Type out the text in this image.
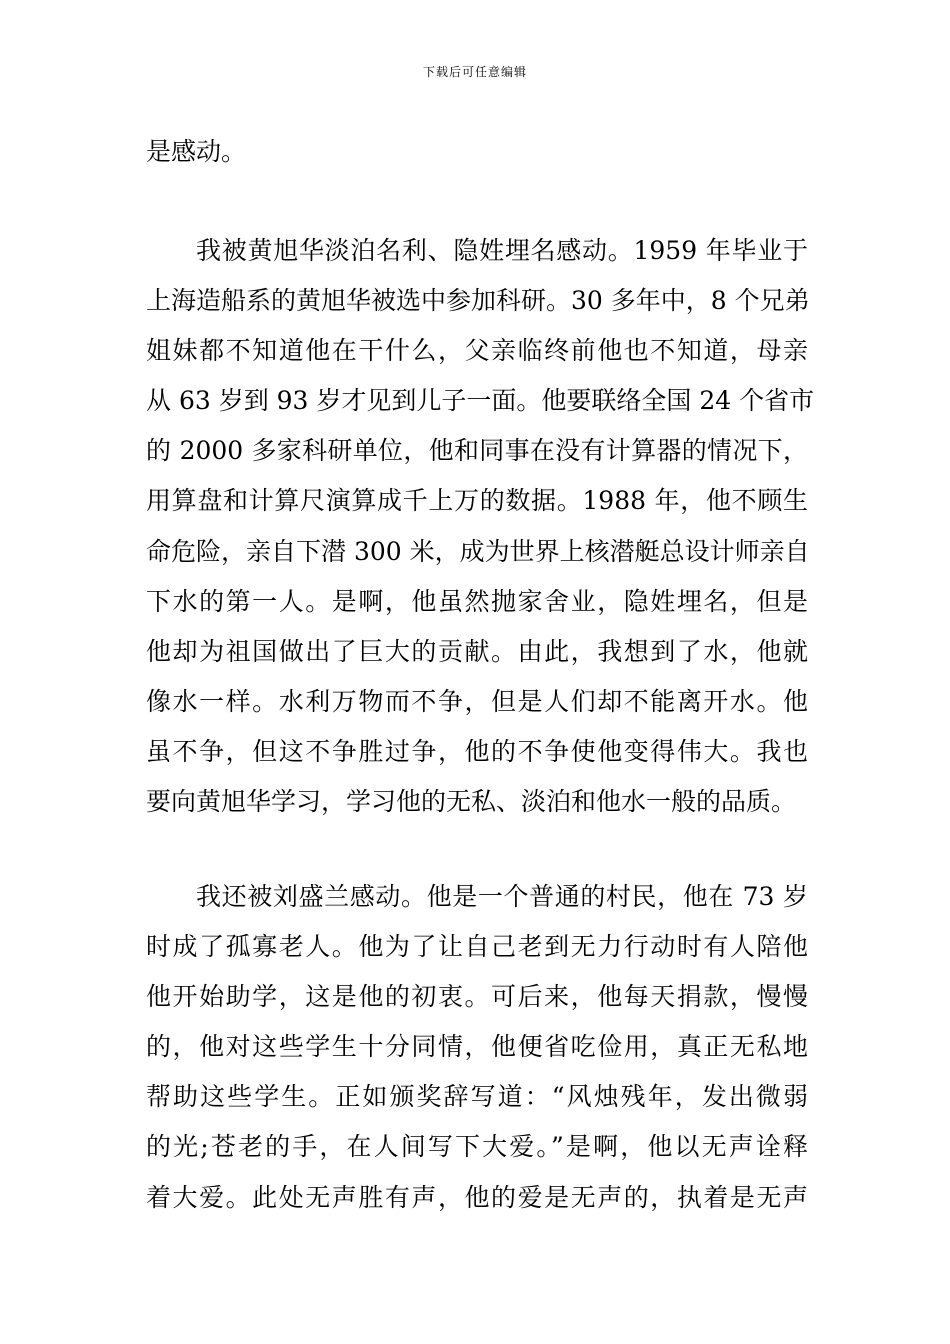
下载后可任意编辑
是感动。
我被黄旭华淡泊名利、隐姓埋名感动。1959 年毕业于
上海造船系的黄旭华被选中参加科研。30 多年中，8 个兄弟
姐妹都不知道他在干什么，父亲临终前他也不知道，母亲
从 63 岁到 93 岁才见到儿子一面。他要联络全国 24 个省市
的 2000 多家科研单位，他和同事在没有计算器的情况下，
用算盘和计算尺演算成千上万的数据。1988 年，他不顾生
命危险，亲自下潜 300 米，成为世界上核潜艇总设计师亲自
下水的第一人。是啊，他虽然抛家舍业，隐姓埋名，但是
他却为祖国做出了巨大的贡献。由此，我想到了水，他就
像水一样。水利万物而不争，但是人们却不能离开水。他
虽不争，但这不争胜过争，他的不争使他变得伟大。我也
要向黄旭华学习，学习他的无私、淡泊和他水一般的品质。
我还被刘盛兰感动。他是一个普通的村民，他在 73 岁
时成了孤寡老人。他为了让自己老到无力行动时有人陪他
他开始助学，这是他的初衷。可后来，他每天捐款，慢慢
的，他对这些学生十分同情，他便省吃俭用，真正无私地
帮助这些学生。正如颁奖辞写道：“风烛残年，发出微弱
的光;苍老的手，在人间写下大爱。”是啊，他以无声诠释
着大爱。此处无声胜有声，他的爱是无声的，执着是无声
